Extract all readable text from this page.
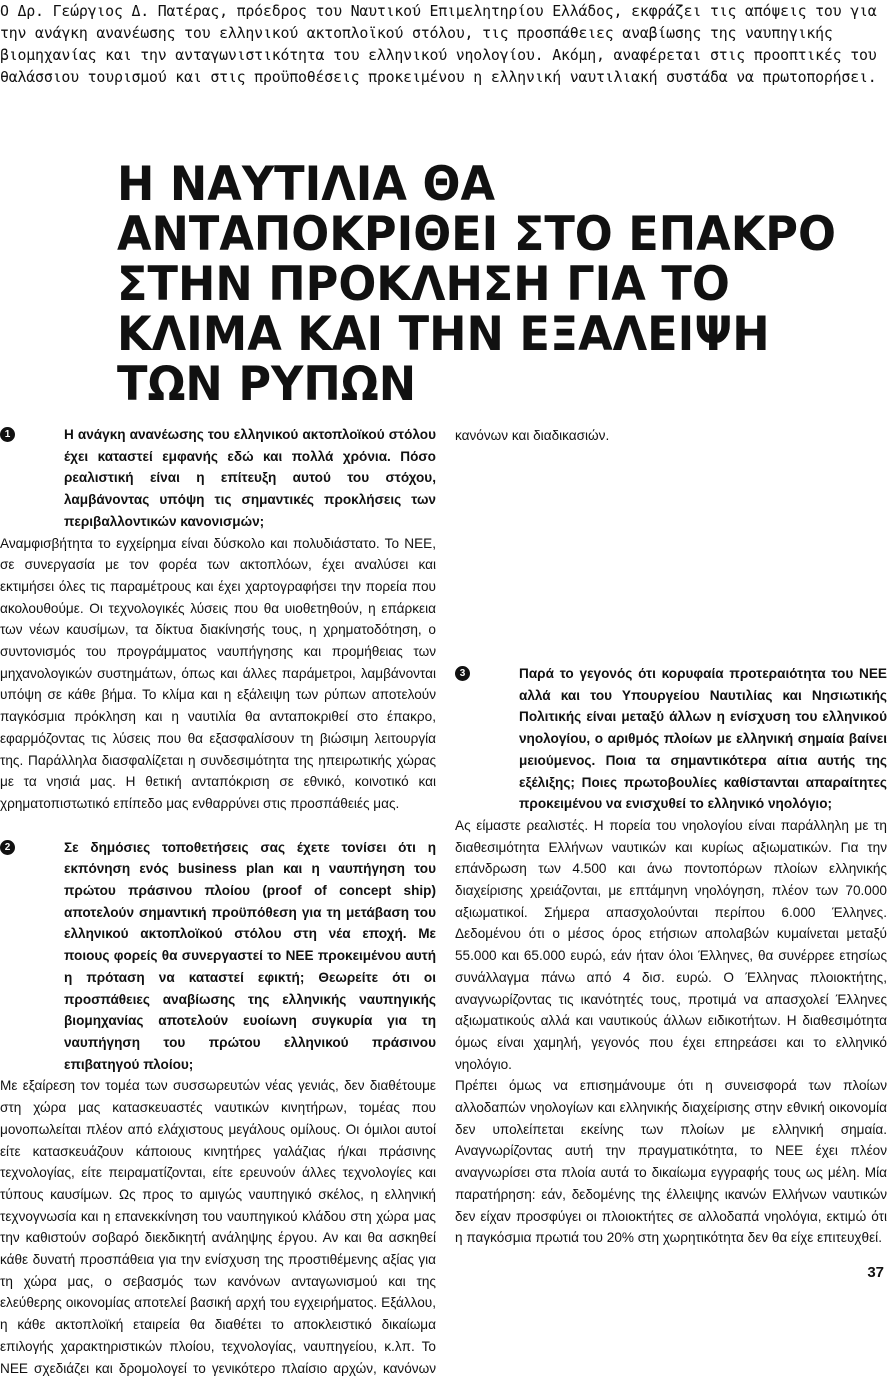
Ο Δρ. Γεώργιος Δ. Πατέρας, πρόεδρος του Ναυτικού Επιμελητηρίου Ελλάδος, εκφράζει τις απόψεις του για την ανάγκη ανανέωσης του ελληνικού ακτοπλοϊκού στόλου, τις προσπάθειες αναβίωσης της ναυπηγικής βιομηχανίας και την ανταγωνιστικότητα του ελληνικού νηολογίου. Ακόμη, αναφέρεται στις προοπτικές του θαλάσσιου τουρισμού και στις προϋποθέσεις προκειμένου η ελληνική ναυτιλιακή συστάδα να πρωτοπορήσει.

Η ΝΑΥΤΙΛΙΑ ΘΑ ΑΝΤΑΠΟΚΡΙΘΕΙ ΣΤΟ ΕΠΑΚΡΟ ΣΤΗΝ ΠΡΟΚΛΗΣΗ ΓΙΑ ΤΟ ΚΛΙΜΑ ΚΑΙ ΤΗΝ ΕΞΑΛΕΙΨΗ ΤΩΝ ΡΥΠΩΝ
1	Η ανάγκη ανανέωσης του ελληνικού ακτοπλοϊκού στόλου έχει καταστεί εμφανής εδώ και πολλά χρόνια. Πόσο ρεαλιστική είναι η επίτευξη αυτού του στόχου, λαμβάνοντας υπόψη τις σημαντικές προκλήσεις των περιβαλλοντικών κανονισμών;

Αναμφισβήτητα το εγχείρημα είναι δύσκολο και πολυδιάστατο. Το ΝΕΕ, σε συνεργασία με τον φορέα των ακτοπλόων, έχει αναλύσει και εκτιμήσει όλες τις παραμέτρους και έχει χαρτογραφήσει την πορεία που ακολουθούμε. Οι τεχνολογικές λύσεις που θα υιοθετηθούν, η επάρκεια των νέων καυσίμων, τα δίκτυα διακίνησής τους, η χρηματοδότηση, ο συντονισμός του προγράμματος ναυπήγησης και προμήθειας των μηχανολογικών συστημάτων, όπως και άλλες παράμετροι, λαμβάνονται υπόψη σε κάθε βήμα. Το κλίμα και η εξάλειψη των ρύπων αποτελούν παγκόσμια πρόκληση και η ναυτιλία θα ανταποκριθεί στο έπακρο, εφαρμόζοντας τις λύσεις που θα εξασφαλίσουν τη βιώσιμη λειτουργία της. Παράλληλα διασφαλίζεται η συνδεσιμότητα της ηπειρωτικής χώρας με τα νησιά μας. Η θετική ανταπόκριση σε εθνικό, κοινοτικό και χρηματοπιστωτικό επίπεδο μας ενθαρρύνει στις προσπάθειές μας.

2	Σε δημόσιες τοποθετήσεις σας έχετε τονίσει ότι η εκπόνηση ενός business plan και η ναυπήγηση του πρώτου πράσινου πλοίου (proof of concept ship) αποτελούν σημαντική προϋπόθεση για τη μετάβαση του ελληνικού ακτοπλοϊκού στόλου στη νέα εποχή. Με ποιους φορείς θα συνεργαστεί το ΝΕΕ προκειμένου αυτή η πρόταση να καταστεί εφικτή; Θεωρείτε ότι οι προσπάθειες αναβίωσης της ελληνικής ναυπηγικής βιομηχανίας αποτελούν ευοίωνη συγκυρία για τη ναυπήγηση του πρώτου ελληνικού πράσινου επιβατηγού πλοίου;

Με εξαίρεση τον τομέα των συσσωρευτών νέας γενιάς, δεν διαθέτουμε στη χώρα μας κατασκευαστές ναυτικών κινητήρων, τομέας που μονοπωλείται πλέον από ελάχιστους μεγάλους ομίλους. Οι όμιλοι αυτοί είτε κατασκευάζουν κάποιους κινητήρες γαλάζιας ή/και πράσινης τεχνολογίας, είτε πειραματίζονται, είτε ερευνούν άλλες τεχνολογίες και τύπους καυσίμων. Ως προς το αμιγώς ναυπηγικό σκέλος, η ελληνική τεχνογνωσία και η επανεκκίνηση του ναυπηγικού κλάδου στη χώρα μας την καθιστούν σοβαρό διεκδικητή ανάληψης έργου. Αν και θα ασκηθεί κάθε δυνατή προσπάθεια για την ενίσχυση της προστιθέμενης αξίας για τη χώρα μας, ο σεβασμός των κανόνων ανταγωνισμού και της ελεύθερης οικονομίας αποτελεί βασική αρχή του εγχειρήματος. Εξάλλου, η κάθε ακτοπλοϊκή εταιρεία θα διαθέτει το αποκλειστικό δικαίωμα επιλογής χαρακτηριστικών πλοίου, τεχνολογίας, ναυπηγείου, κ.λπ. Το ΝΕΕ σχεδιάζει και δρομολογεί το γενικότερο πλαίσιο αρχών, κανόνων

κανόνων και διαδικασιών.

3	Παρά το γεγονός ότι κορυφαία προτεραιότητα του ΝΕΕ αλλά και του Υπουργείου Ναυτιλίας και Νησιωτικής Πολιτικής είναι μεταξύ άλλων η ενίσχυση του ελληνικού νηολογίου, ο αριθμός πλοίων με ελληνική σημαία βαίνει μειούμενος. Ποια τα σημαντικότερα αίτια αυτής της εξέλιξης; Ποιες πρωτοβουλίες καθίστανται απαραίτητες προκειμένου να ενισχυθεί το ελληνικό νηολόγιο;

Ας είμαστε ρεαλιστές. Η πορεία του νηολογίου είναι παράλληλη με τη διαθεσιμότητα Ελλήνων ναυτικών και κυρίως αξιωματικών. Για την επάνδρωση των 4.500 και άνω ποντοπόρων πλοίων ελληνικής διαχείρισης χρειάζονται, με επτάμηνη νηολόγηση, πλέον των 70.000 αξιωματικοί. Σήμερα απασχολούνται περίπου 6.000 Έλληνες. Δεδομένου ότι ο μέσος όρος ετήσιων απολαβών κυμαίνεται μεταξύ 55.000 και 65.000 ευρώ, εάν ήταν όλοι Έλληνες, θα συνέρρεε ετησίως συνάλλαγμα πάνω από 4 δισ. ευρώ. Ο Έλληνας πλοιοκτήτης, αναγνωρίζοντας τις ικανότητές τους, προτιμά να απασχολεί Έλληνες αξιωματικούς αλλά και ναυτικούς άλλων ειδικοτήτων. Η διαθεσιμότητα όμως είναι χαμηλή, γεγονός που έχει επηρεάσει και το ελληνικό νηολόγιο.

Πρέπει όμως να επισημάνουμε ότι η συνεισφορά των πλοίων αλλοδαπών νηολογίων και ελληνικής διαχείρισης στην εθνική οικονομία δεν υπολείπεται εκείνης των πλοίων με ελληνική σημαία. Αναγνωρίζοντας αυτή την πραγματικότητα, το ΝΕΕ έχει πλέον αναγνωρίσει στα πλοία αυτά το δικαίωμα εγγραφής τους ως μέλη. Μία παρατήρηση: εάν, δεδομένης της έλλειψης ικανών Ελλήνων ναυτικών δεν είχαν προσφύγει οι πλοιοκτήτες σε αλλοδαπά νηολόγια, εκτιμώ ότι η παγκόσμια πρωτιά του 20% στη χωρητικότητα δεν θα είχε επιτευχθεί.

37
